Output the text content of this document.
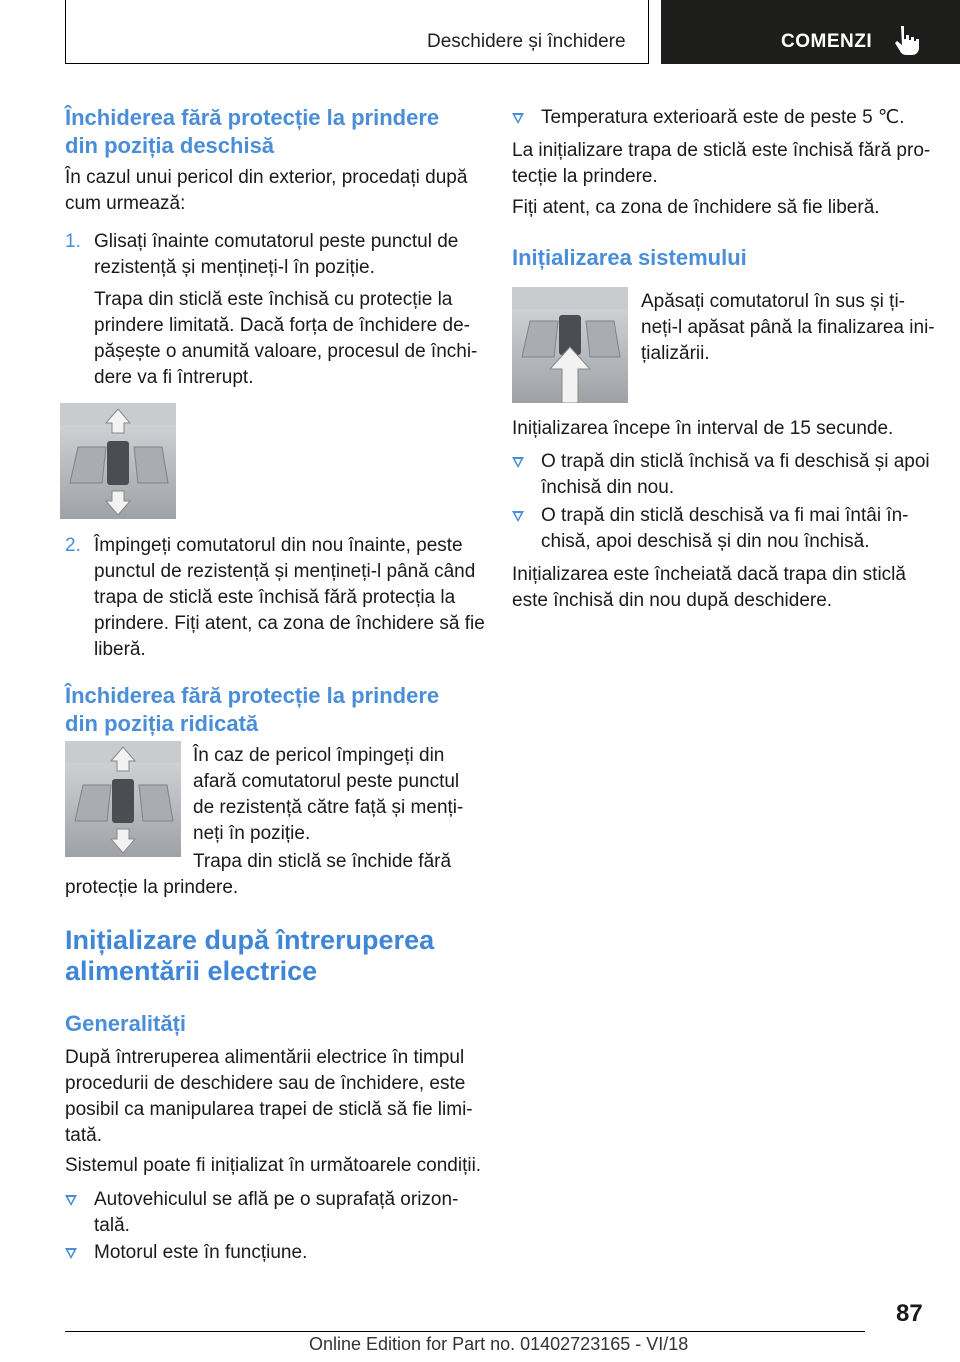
Deschidere și închidere	COMENZI
Închiderea fără protecție la prindere
din poziția deschisă
În cazul unui pericol din exterior, procedați după
cum urmează:
1. Glisați înainte comutatorul peste punctul de
rezistență și mențineți-l în poziție.
Trapa din sticlă este închisă cu protecție la
prindere limitată. Dacă forța de închidere de-
pășește o anumită valoare, procesul de închi-
dere va fi întrerupt.
2. Împingeți comutatorul din nou înainte, peste
punctul de rezistență și mențineți-l până când
trapa de sticlă este închisă fără protecția la
prindere. Fiți atent, ca zona de închidere să fie
liberă.
Închiderea fără protecție la prindere
din poziția ridicată
În caz de pericol împingeți din
afară comutatorul peste punctul
de rezistență către față și menți-
neți în poziție.
Trapa din sticlă se închide fără
protecție la prindere.
Inițializare după întreruperea
alimentării electrice
Generalități
După întreruperea alimentării electrice în timpul
procedurii de deschidere sau de închidere, este
posibil ca manipularea trapei de sticlă să fie limi-
tată.
Sistemul poate fi inițializat în următoarele condiții.
Autovehiculul se află pe o suprafață orizon-
tală.
Motorul este în funcțiune.
Temperatura exterioară este de peste 5 ℃.
La inițializare trapa de sticlă este închisă fără pro-
tecție la prindere.
Fiți atent, ca zona de închidere să fie liberă.
Inițializarea sistemului
Apăsați comutatorul în sus și ți-
neți-l apăsat până la finalizarea ini-
țializării.
Inițializarea începe în interval de 15 secunde.
O trapă din sticlă închisă va fi deschisă și apoi
închisă din nou.
O trapă din sticlă deschisă va fi mai întâi în-
chisă, apoi deschisă și din nou închisă.
Inițializarea este încheiată dacă trapa din sticlă
este închisă din nou după deschidere.
87
Online Edition for Part no. 01402723165 - VI/18
